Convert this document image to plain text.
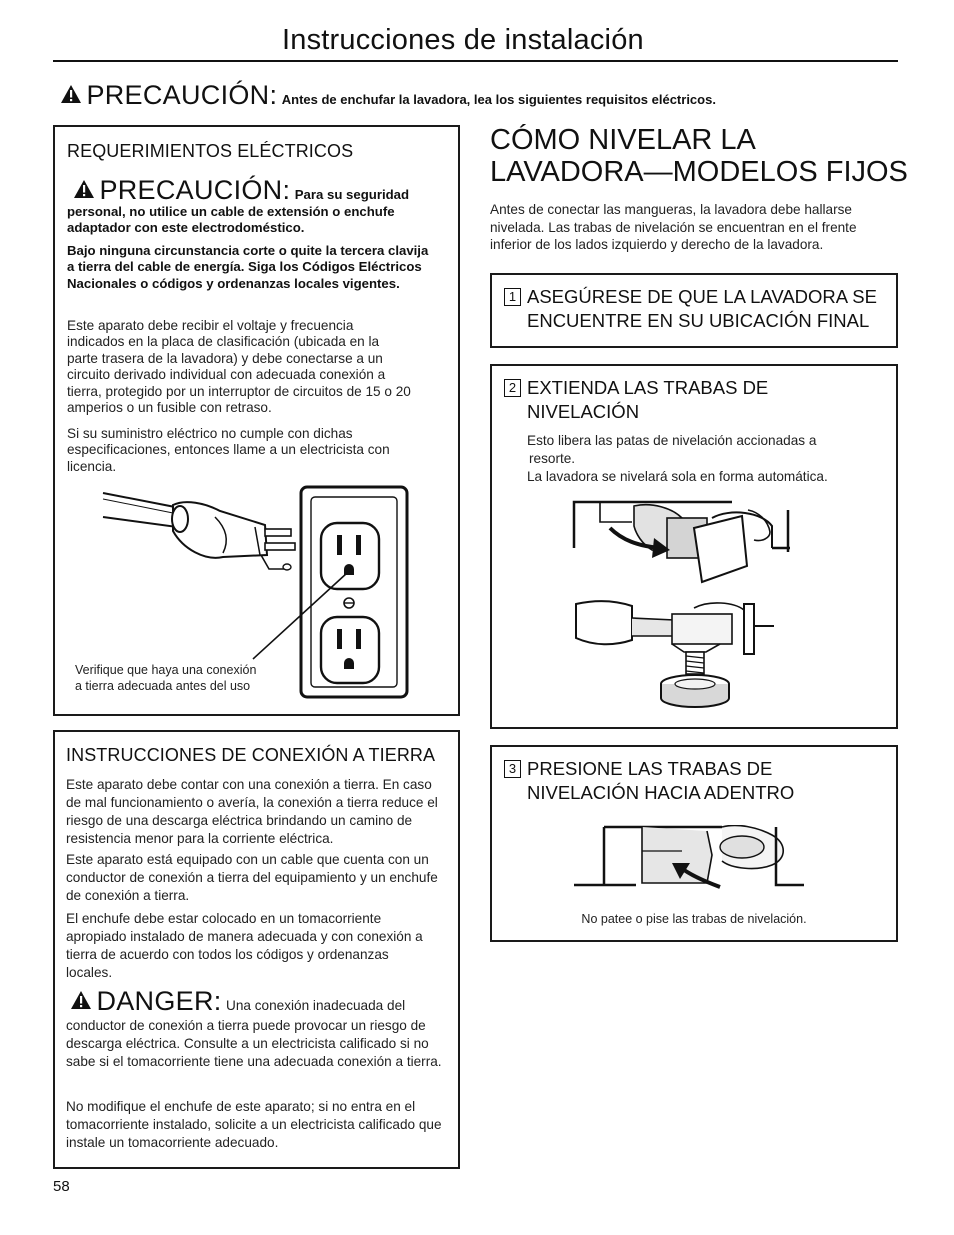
Instrucciones de instalación
PRECAUCIÓN: Antes de enchufar la lavadora, lea los siguientes requisitos eléctricos.
REQUERIMIENTOS ELÉCTRICOS
PRECAUCIÓN: Para su seguridad
personal, no utilice un cable de extensión o enchufe adaptador con este electrodoméstico.
Bajo ninguna circunstancia corte o quite la tercera clavija a tierra del cable de energía. Siga los Códigos Eléctricos Nacionales o códigos y ordenanzas locales vigentes.
Este aparato debe recibir el voltaje y frecuencia indicados en la placa de clasificación (ubicada en la parte trasera de la lavadora) y debe conectarse a un circuito derivado individual con adecuada conexión a tierra, protegido por un interruptor de circuitos de 15 o 20 amperios o un fusible con retraso.
Si su suministro eléctrico no cumple con dichas especificaciones, entonces llame a un electricista con licencia.
Verifique que haya una conexión
a tierra adecuada antes del uso
INSTRUCCIONES DE CONEXIÓN A TIERRA
Este aparato debe contar con una conexión a tierra. En caso de mal funcionamiento o avería, la conexión a tierra reduce el riesgo de una descarga eléctrica brindando un camino de resistencia menor para la corriente eléctrica.
Este aparato está equipado con un cable que cuenta con un conductor de conexión a tierra del equipamiento y un enchufe de conexión a tierra.
El enchufe debe estar colocado en un tomacorriente apropiado instalado de manera adecuada y con conexión a tierra de acuerdo con todos los códigos y ordenanzas locales.
DANGER: Una conexión inadecuada del
conductor de conexión a tierra puede provocar un riesgo de descarga eléctrica. Consulte a un electricista calificado si no sabe si el tomacorriente tiene una adecuada conexión a tierra.
No modifique el enchufe de este aparato; si no entra en el tomacorriente instalado, solicite a un electricista calificado que instale un tomacorriente adecuado.
CÓMO NIVELAR LA
LAVADORA—MODELOS FIJOS
Antes de conectar las mangueras, la lavadora debe hallarse nivelada. Las trabas de nivelación se encuentran en el frente inferior de los lados izquierdo y derecho de la lavadora.
1 ASEGÚRESE DE QUE LA LAVADORA SE
ENCUENTRE EN SU UBICACIÓN FINAL
2 EXTIENDA LAS TRABAS DE
NIVELACIÓN
Esto libera las patas de nivelación accionadas a
resorte.
La lavadora se nivelará sola en forma automática.
3 PRESIONE LAS TRABAS DE
NIVELACIÓN HACIA ADENTRO
No patee o pise las trabas de nivelación.
58
